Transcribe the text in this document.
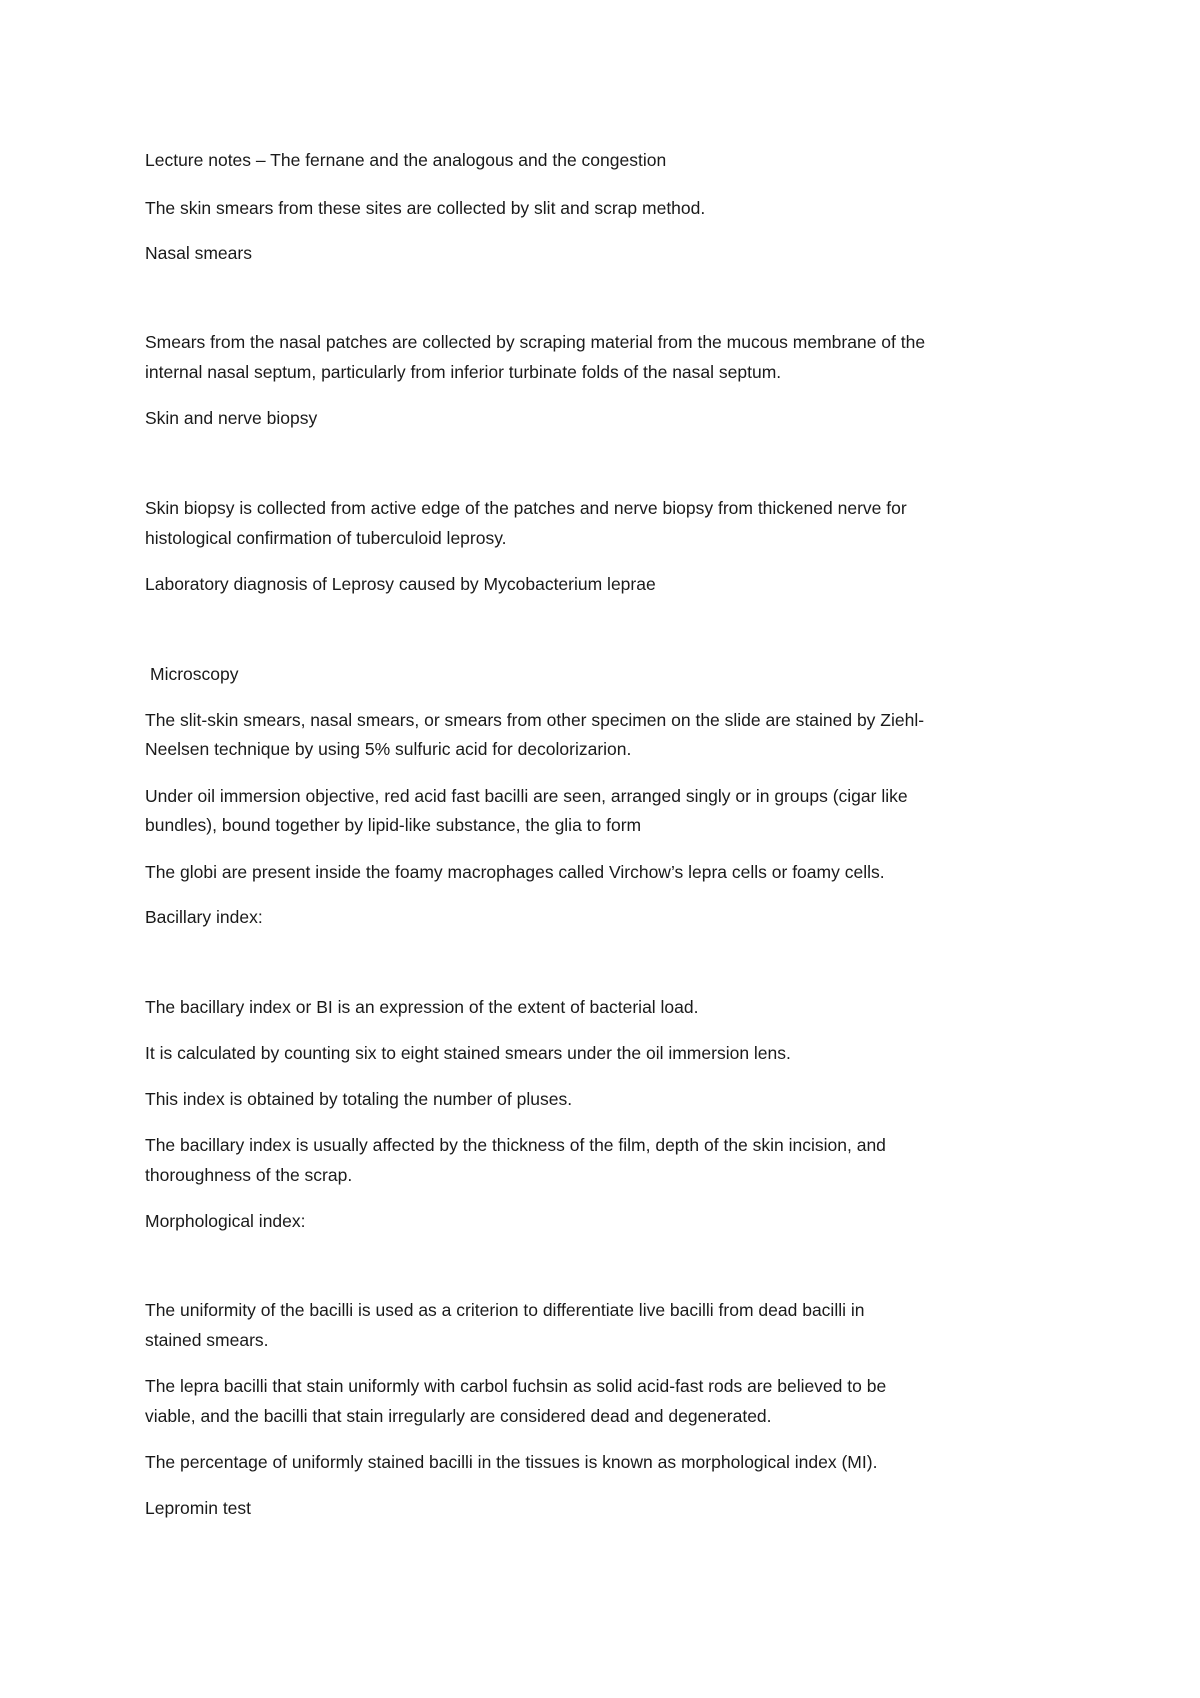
Lecture notes – The fernane and the analogous and the congestion

The skin smears from these sites are collected by slit and scrap method.

Nasal smears

Smears from the nasal patches are collected by scraping material from the mucous membrane of the

internal nasal septum, particularly from inferior turbinate folds of the nasal septum.

Skin and nerve biopsy

Skin biopsy is collected from active edge of the patches and nerve biopsy from thickened nerve for

histological confirmation of tuberculoid leprosy.

Laboratory diagnosis of Leprosy caused by Mycobacterium leprae

Microscopy

The slit-skin smears, nasal smears, or smears from other specimen on the slide are stained by Ziehl-

Neelsen technique by using 5% sulfuric acid for decolorizarion.

Under oil immersion objective, red acid fast bacilli are seen, arranged singly or in groups (cigar like

bundles), bound together by lipid-like substance, the glia to form

The globi are present inside the foamy macrophages called Virchow’s lepra cells or foamy cells.

Bacillary index:

The bacillary index or BI is an expression of the extent of bacterial load.

It is calculated by counting six to eight stained smears under the oil immersion lens.

This index is obtained by totaling the number of pluses.

The bacillary index is usually affected by the thickness of the film, depth of the skin incision, and

thoroughness of the scrap.

Morphological index:

The uniformity of the bacilli is used as a criterion to differentiate live bacilli from dead bacilli in

stained smears.

The lepra bacilli that stain uniformly with carbol fuchsin as solid acid-fast rods are believed to be

viable, and the bacilli that stain irregularly are considered dead and degenerated.

The percentage of uniformly stained bacilli in the tissues is known as morphological index (MI).

Lepromin test
